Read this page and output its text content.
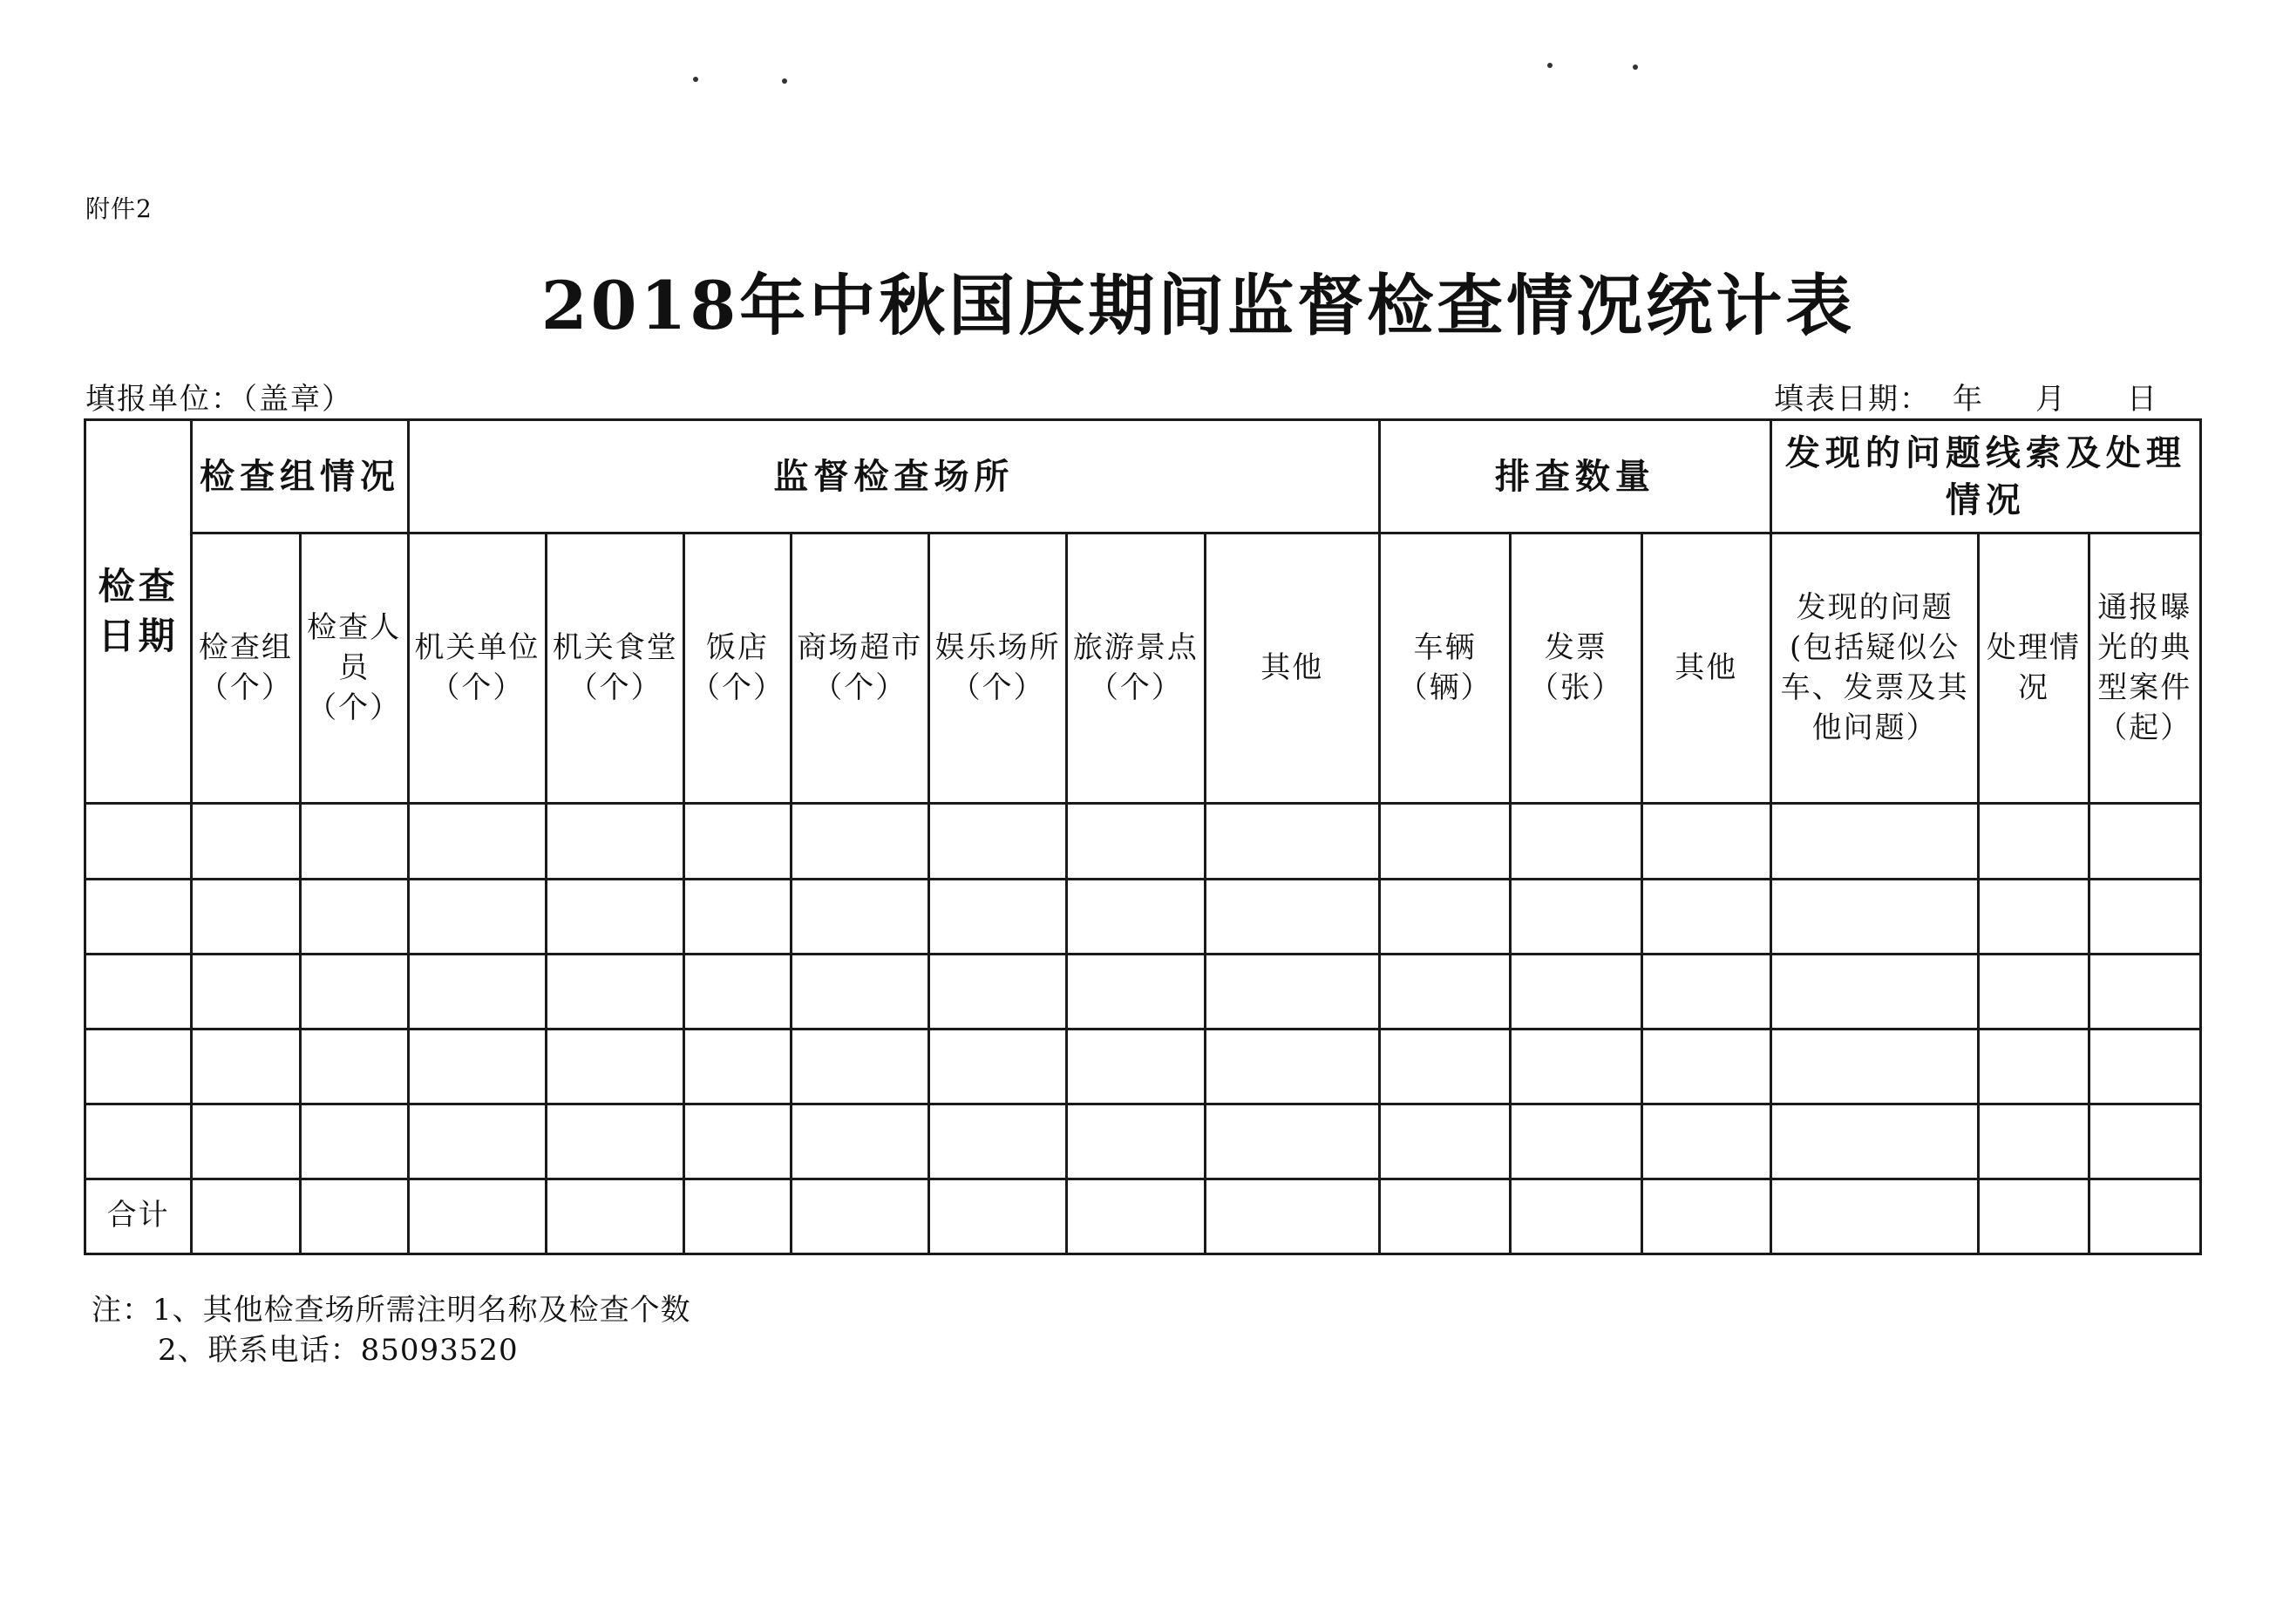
附件2
2018年中秋国庆期间监督检查情况统计表
填报单位：（盖章）	填表日期： 年	月	日
检查日期	检查组情况		监督检查场所							排查数量			发现的问题线索及处理情况		
	检查组（个）	检查人员（个）	机关单位（个）	机关食堂（个）	饭店（个）	商场超市（个）	娱乐场所（个）	旅游景点（个）	其他	车辆（辆）	发票（张）	其他	发现的问题(包括疑似公车、发票及其他问题）	处理情况	通报曝光的典型案件（起）

合计															
注：1、其他检查场所需注明名称及检查个数
2、联系电话：85093520
